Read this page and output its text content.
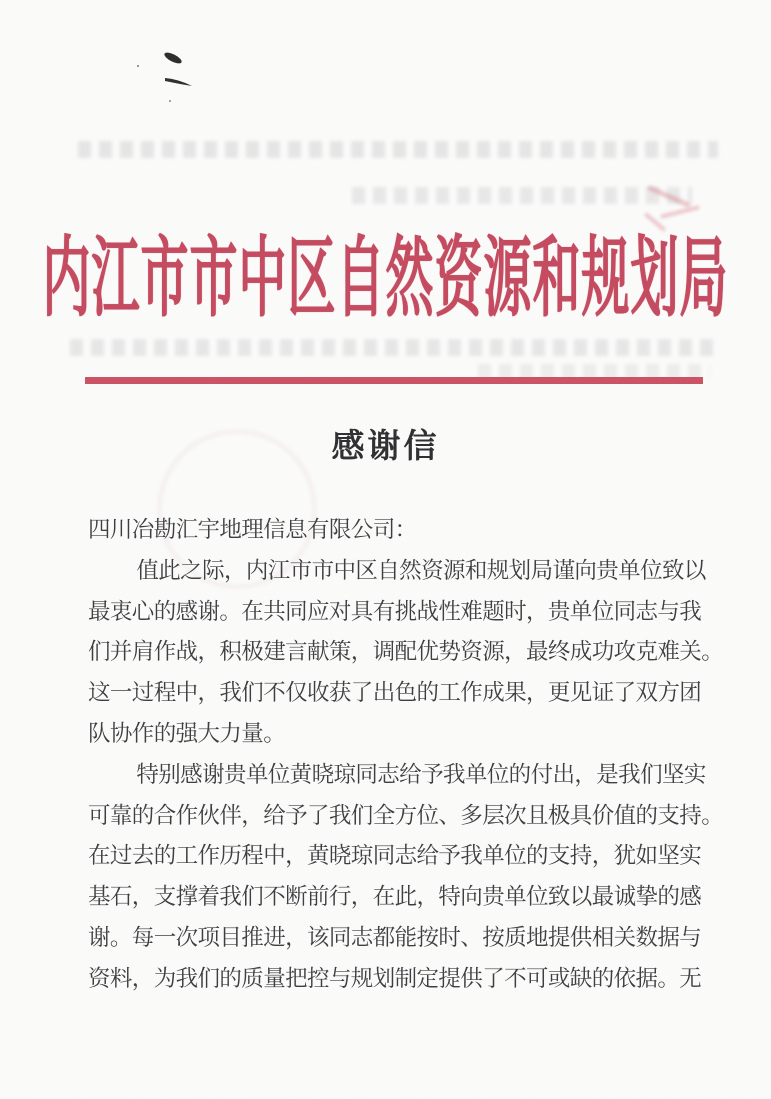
内江市市中区自然资源和规划局
感谢信
四川冶勘汇宇地理信息有限公司：
值此之际，内江市市中区自然资源和规划局谨向贵单位致以
最衷心的感谢。在共同应对具有挑战性难题时，贵单位同志与我
们并肩作战，积极建言献策，调配优势资源，最终成功攻克难关。
这一过程中，我们不仅收获了出色的工作成果，更见证了双方团
队协作的强大力量。
特别感谢贵单位黄晓琼同志给予我单位的付出，是我们坚实
可靠的合作伙伴，给予了我们全方位、多层次且极具价值的支持。
在过去的工作历程中，黄晓琼同志给予我单位的支持，犹如坚实
基石，支撑着我们不断前行，在此，特向贵单位致以最诚挚的感
谢。每一次项目推进，该同志都能按时、按质地提供相关数据与
资料，为我们的质量把控与规划制定提供了不可或缺的依据。无
